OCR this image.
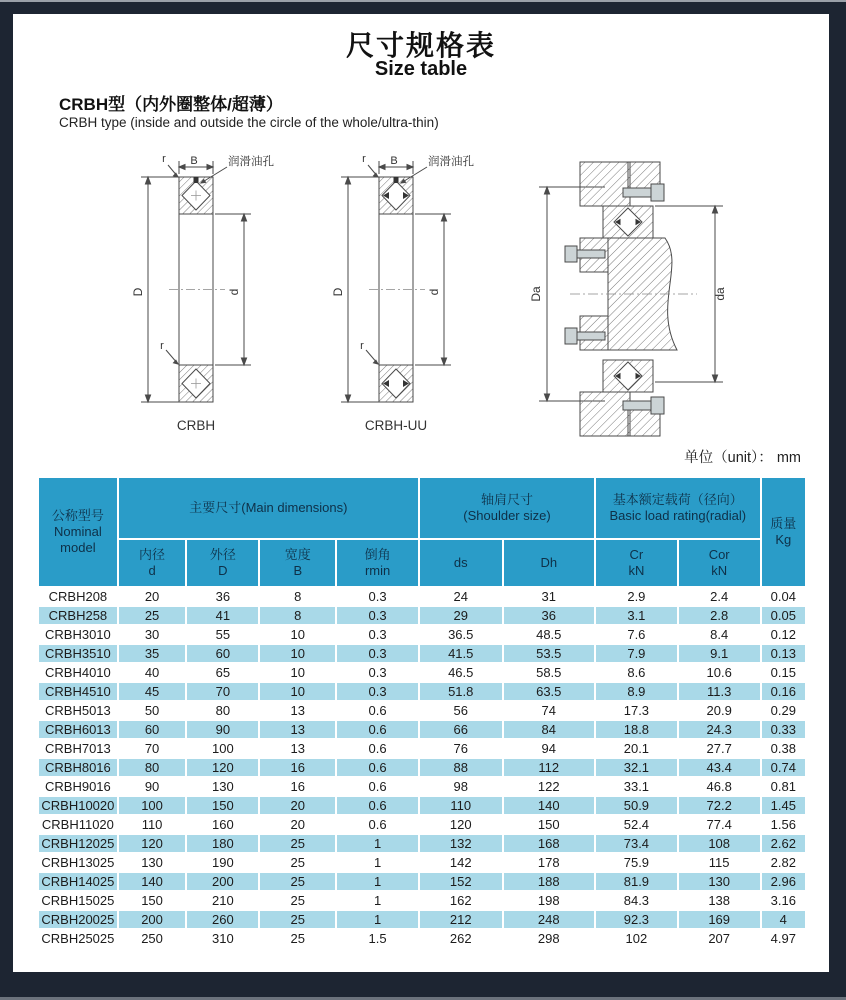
尺寸规格表
Size table
CRBH型（内外圈整体/超薄）
CRBH type (inside and outside the circle of the whole/ultra-thin)
B
r
r
润滑油孔
D	d
CRBH
B
r
r
润滑油孔
D	d
CRBH-UU
Da	da
单位（unit）： mm
公称型号
Nominal
model
	主要尺寸(Main dimensions)	
轴肩尺寸
(Shoulder size)

基本额定载荷（径向）
Basic load rating(radial)

质量
Kg

内径
d

外径
D

宽度
B

倒角
rmin
	ds	Dh	
Cr
kN

Cor
kN

CRBH208	20	36	8	0.3	24	31	2.9	2.4	0.04
CRBH258	25	41	8	0.3	29	36	3.1	2.8	0.05
CRBH3010	30	55	10	0.3	36.5	48.5	7.6	8.4	0.12
CRBH3510	35	60	10	0.3	41.5	53.5	7.9	9.1	0.13
CRBH4010	40	65	10	0.3	46.5	58.5	8.6	10.6	0.15
CRBH4510	45	70	10	0.3	51.8	63.5	8.9	11.3	0.16
CRBH5013	50	80	13	0.6	56	74	17.3	20.9	0.29
CRBH6013	60	90	13	0.6	66	84	18.8	24.3	0.33
CRBH7013	70	100	13	0.6	76	94	20.1	27.7	0.38
CRBH8016	80	120	16	0.6	88	112	32.1	43.4	0.74
CRBH9016	90	130	16	0.6	98	122	33.1	46.8	0.81
CRBH10020	100	150	20	0.6	110	140	50.9	72.2	1.45
CRBH11020	110	160	20	0.6	120	150	52.4	77.4	1.56
CRBH12025	120	180	25	1	132	168	73.4	108	2.62
CRBH13025	130	190	25	1	142	178	75.9	115	2.82
CRBH14025	140	200	25	1	152	188	81.9	130	2.96
CRBH15025	150	210	25	1	162	198	84.3	138	3.16
CRBH20025	200	260	25	1	212	248	92.3	169	4
CRBH25025	250	310	25	1.5	262	298	102	207	4.97
